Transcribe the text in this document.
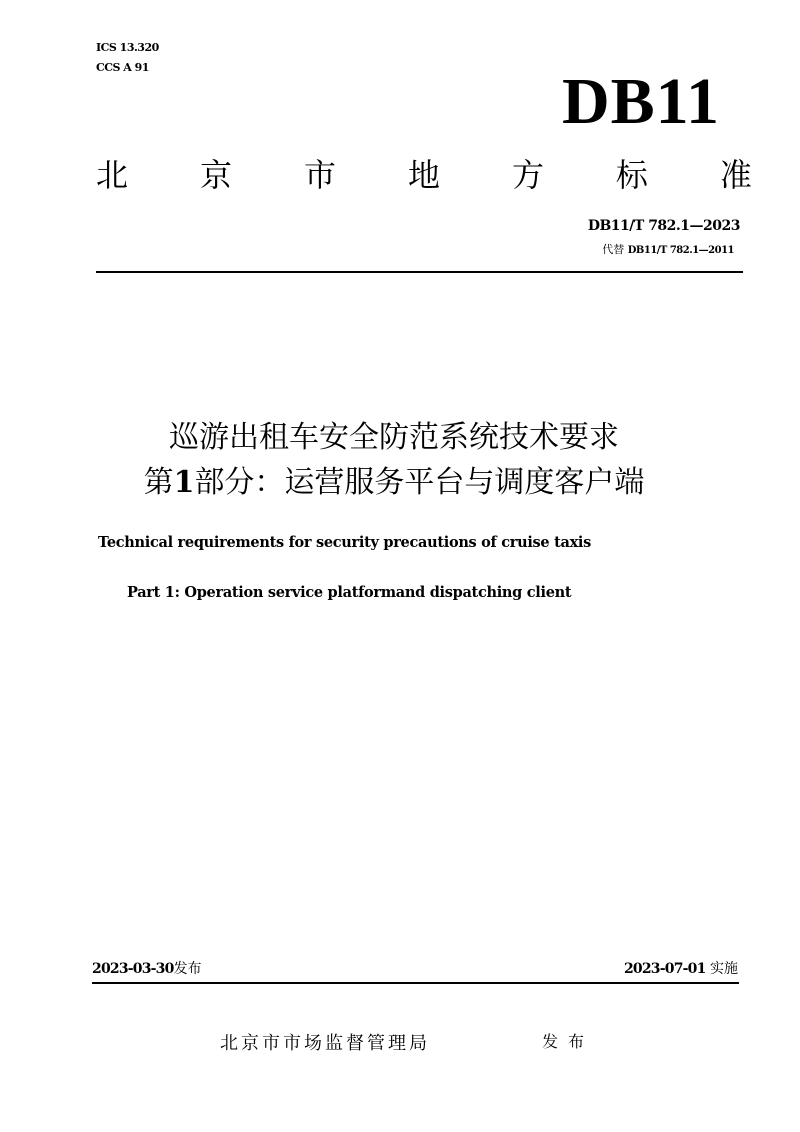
ICS 13.320
CCS A 91	DB11
北 京 市 地 方 标 准
DB11/T 782.1—2023
代替 DB11/T 782.1—2011
巡游出租车安全防范系统技术要求
第1部分：运营服务平台与调度客户端
Technical requirements for security precautions of cruise taxis
Part 1: Operation service platformand dispatching client
2023-03-30发布	2023-07-01 实施
北京市市场监督管理局	发布
